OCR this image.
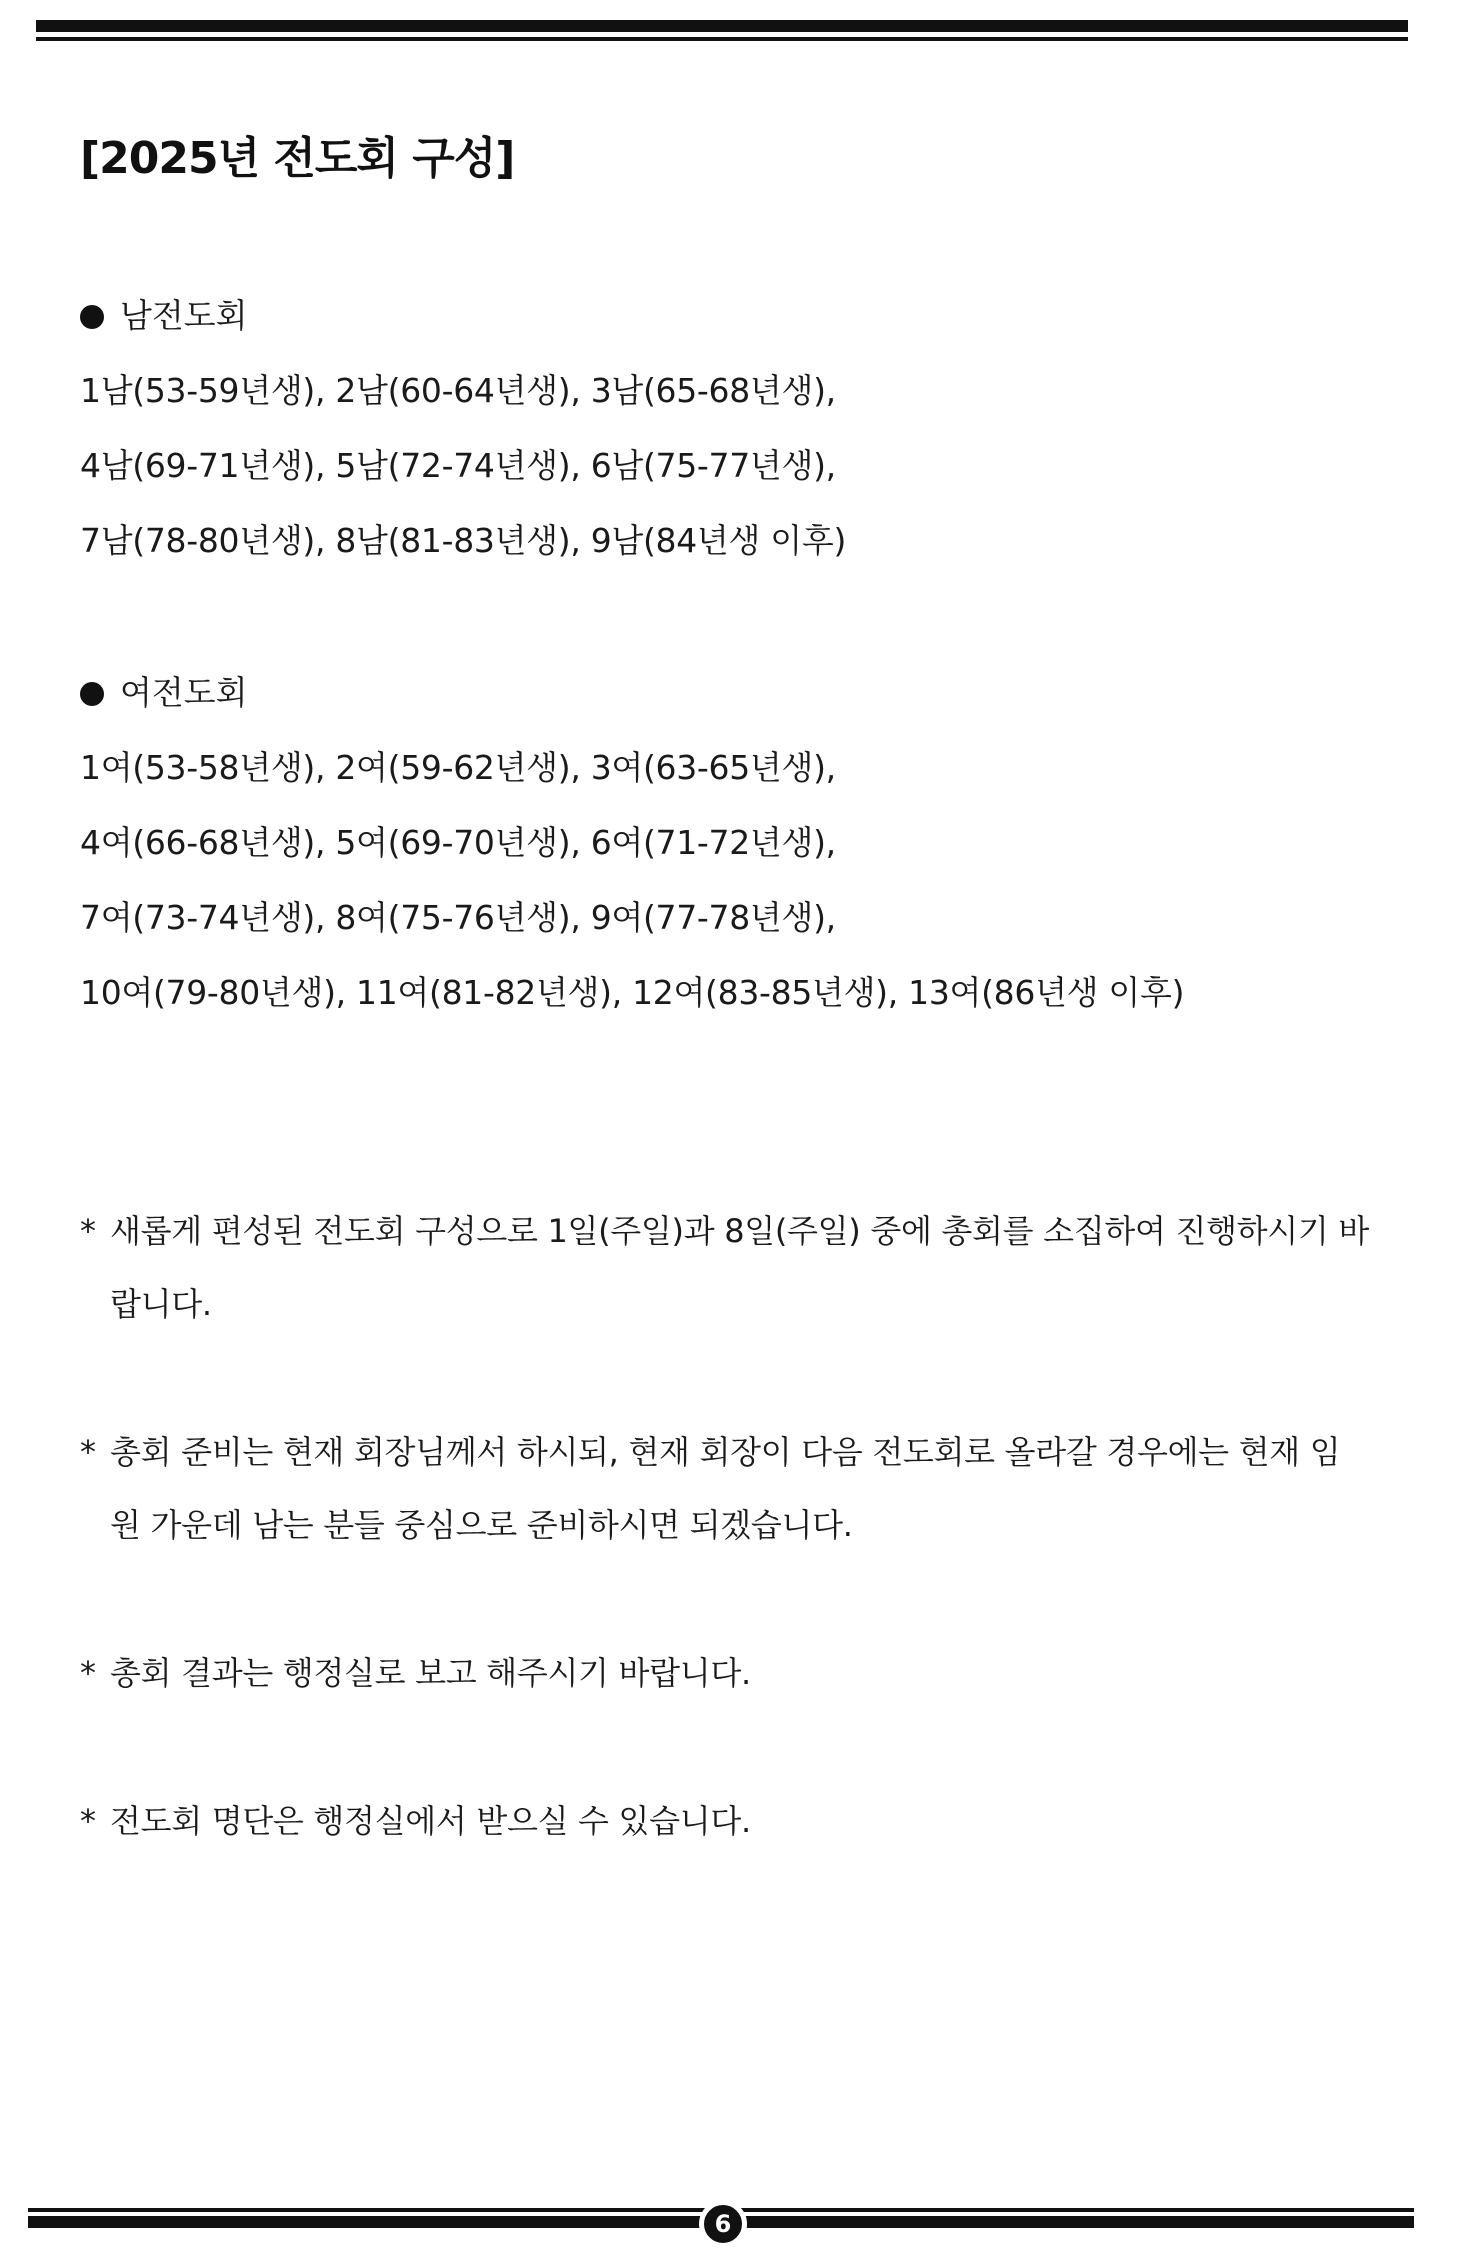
[2025년 전도회 구성]
남전도회
1남(53-59년생), 2남(60-64년생), 3남(65-68년생),
4남(69-71년생), 5남(72-74년생), 6남(75-77년생),
7남(78-80년생), 8남(81-83년생), 9남(84년생 이후)
여전도회
1여(53-58년생), 2여(59-62년생), 3여(63-65년생),
4여(66-68년생), 5여(69-70년생), 6여(71-72년생),
7여(73-74년생), 8여(75-76년생), 9여(77-78년생),
10여(79-80년생), 11여(81-82년생), 12여(83-85년생), 13여(86년생 이후)
* 새롭게 편성된 전도회 구성으로 1일(주일)과 8일(주일) 중에 총회를 소집하여 진행하시기 바랍니다.
* 총회 준비는 현재 회장님께서 하시되, 현재 회장이 다음 전도회로 올라갈 경우에는 현재 임원 가운데 남는 분들 중심으로 준비하시면 되겠습니다.
* 총회 결과는 행정실로 보고 해주시기 바랍니다.
* 전도회 명단은 행정실에서 받으실 수 있습니다.
6
